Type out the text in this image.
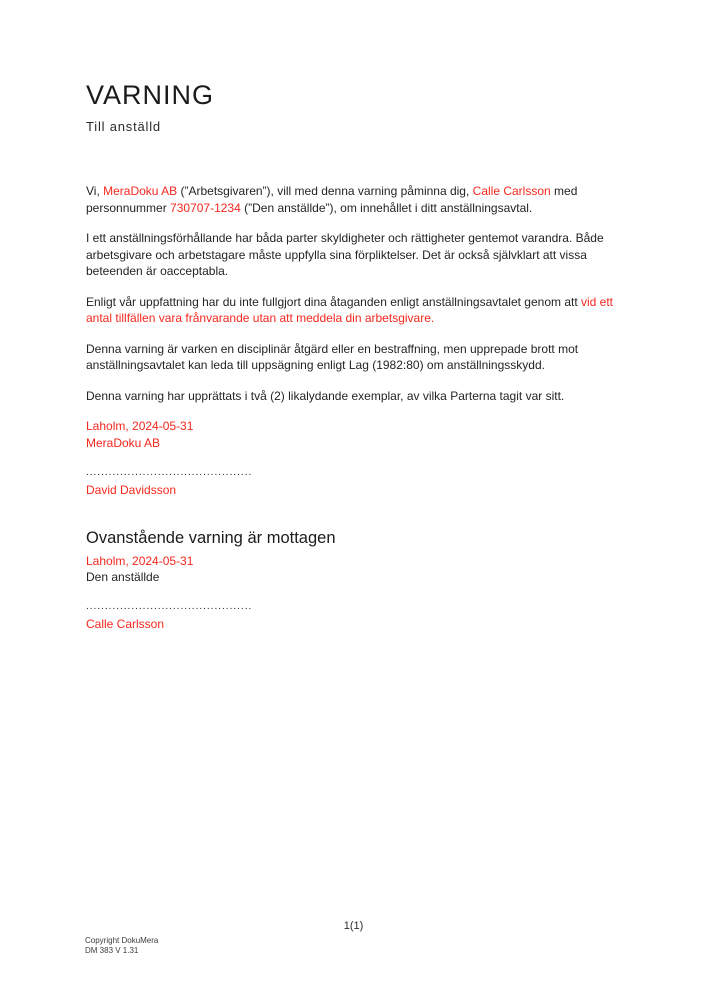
VARNING
Till anställd

Vi, MeraDoku AB (”Arbetsgivaren”), vill med denna varning påminna dig, Calle Carlsson med personnummer 730707-1234 (”Den anställde”), om innehållet i ditt anställningsavtal.

I ett anställningsförhållande har båda parter skyldigheter och rättigheter gentemot varandra. Både arbetsgivare och arbetstagare måste uppfylla sina förpliktelser. Det är också självklart att vissa beteenden är oacceptabla.

Enligt vår uppfattning har du inte fullgjort dina åtaganden enligt anställningsavtalet genom att vid ett antal tillfällen vara frånvarande utan att meddela din arbetsgivare.

Denna varning är varken en disciplinär åtgärd eller en bestraffning, men upprepade brott mot anställningsavtalet kan leda till uppsägning enligt Lag (1982:80) om anställningsskydd.

Denna varning har upprättats i två (2) likalydande exemplar, av vilka Parterna tagit var sitt.

Laholm, 2024-05-31
MeraDoku AB
............................................
David Davidsson
Ovanstående varning är mottagen
Laholm, 2024-05-31
Den anställde
............................................
Calle Carlsson
1(1)
Copyright DokuMera
DM 383 V 1.31
